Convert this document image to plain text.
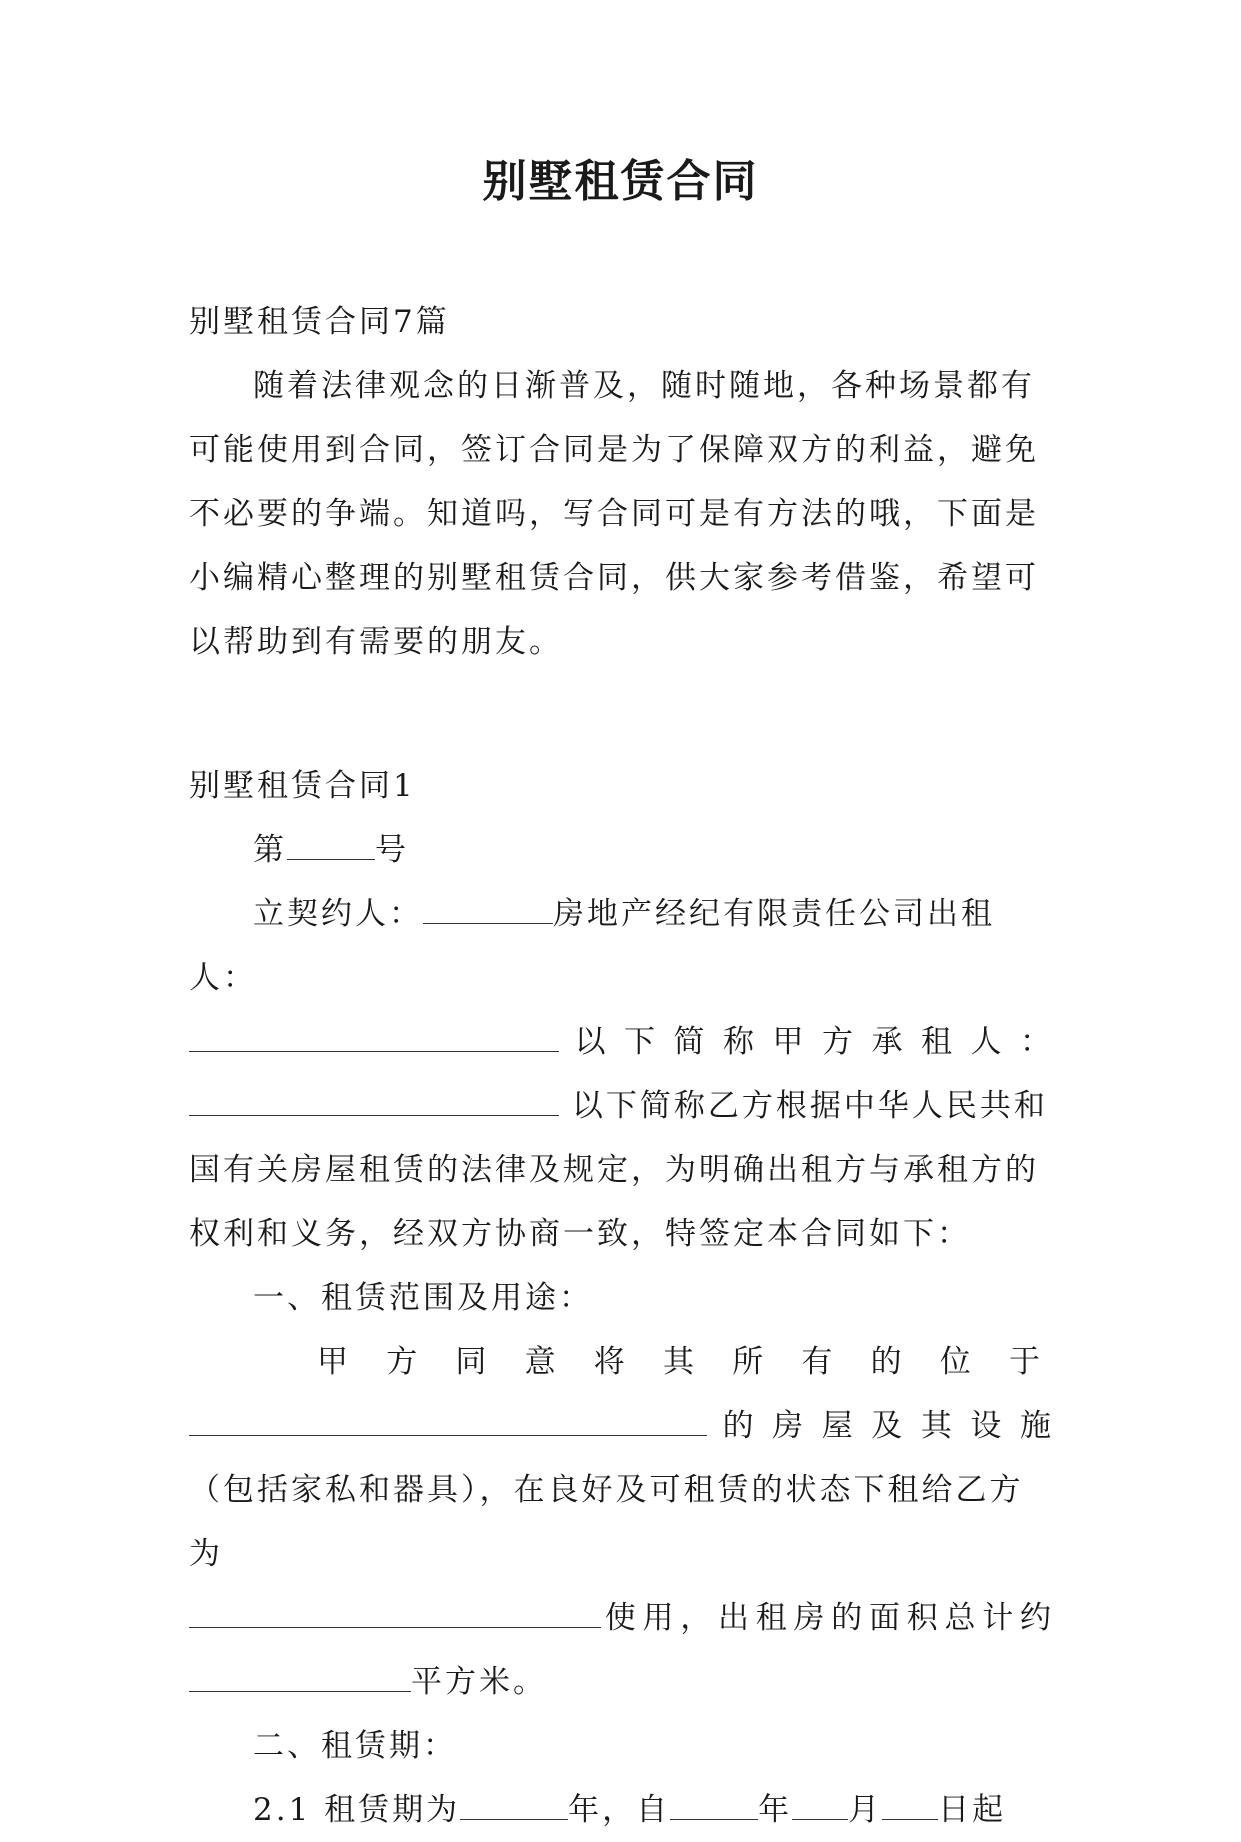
别墅租赁合同

别墅租赁合同7篇

随着法律观念的日渐普及，随时随地，各种场景都有可能使用到合同，签订合同是为了保障双方的利益，避免不必要的争端。知道吗，写合同可是有方法的哦，下面是小编精心整理的别墅租赁合同，供大家参考借鉴，希望可以帮助到有需要的朋友。

别墅租赁合同1

第	号

立契约人：	房地产经纪有限责任公司出租人：

以下简称甲方承租人：

以下简称乙方根据中华人民共和国有关房屋租赁的法律及规定，为明确出租方与承租方的权利和义务，经双方协商一致，特签定本合同如下：

一、租赁范围及用途：

甲方同意将其所有的位于

的房屋及其设施

（包括家私和器具），在良好及可租赁的状态下租给乙方为

使用，出租房的面积总计约

平方米。

二、租赁期：

2.1 租赁期为	年，自	年 月 日起
